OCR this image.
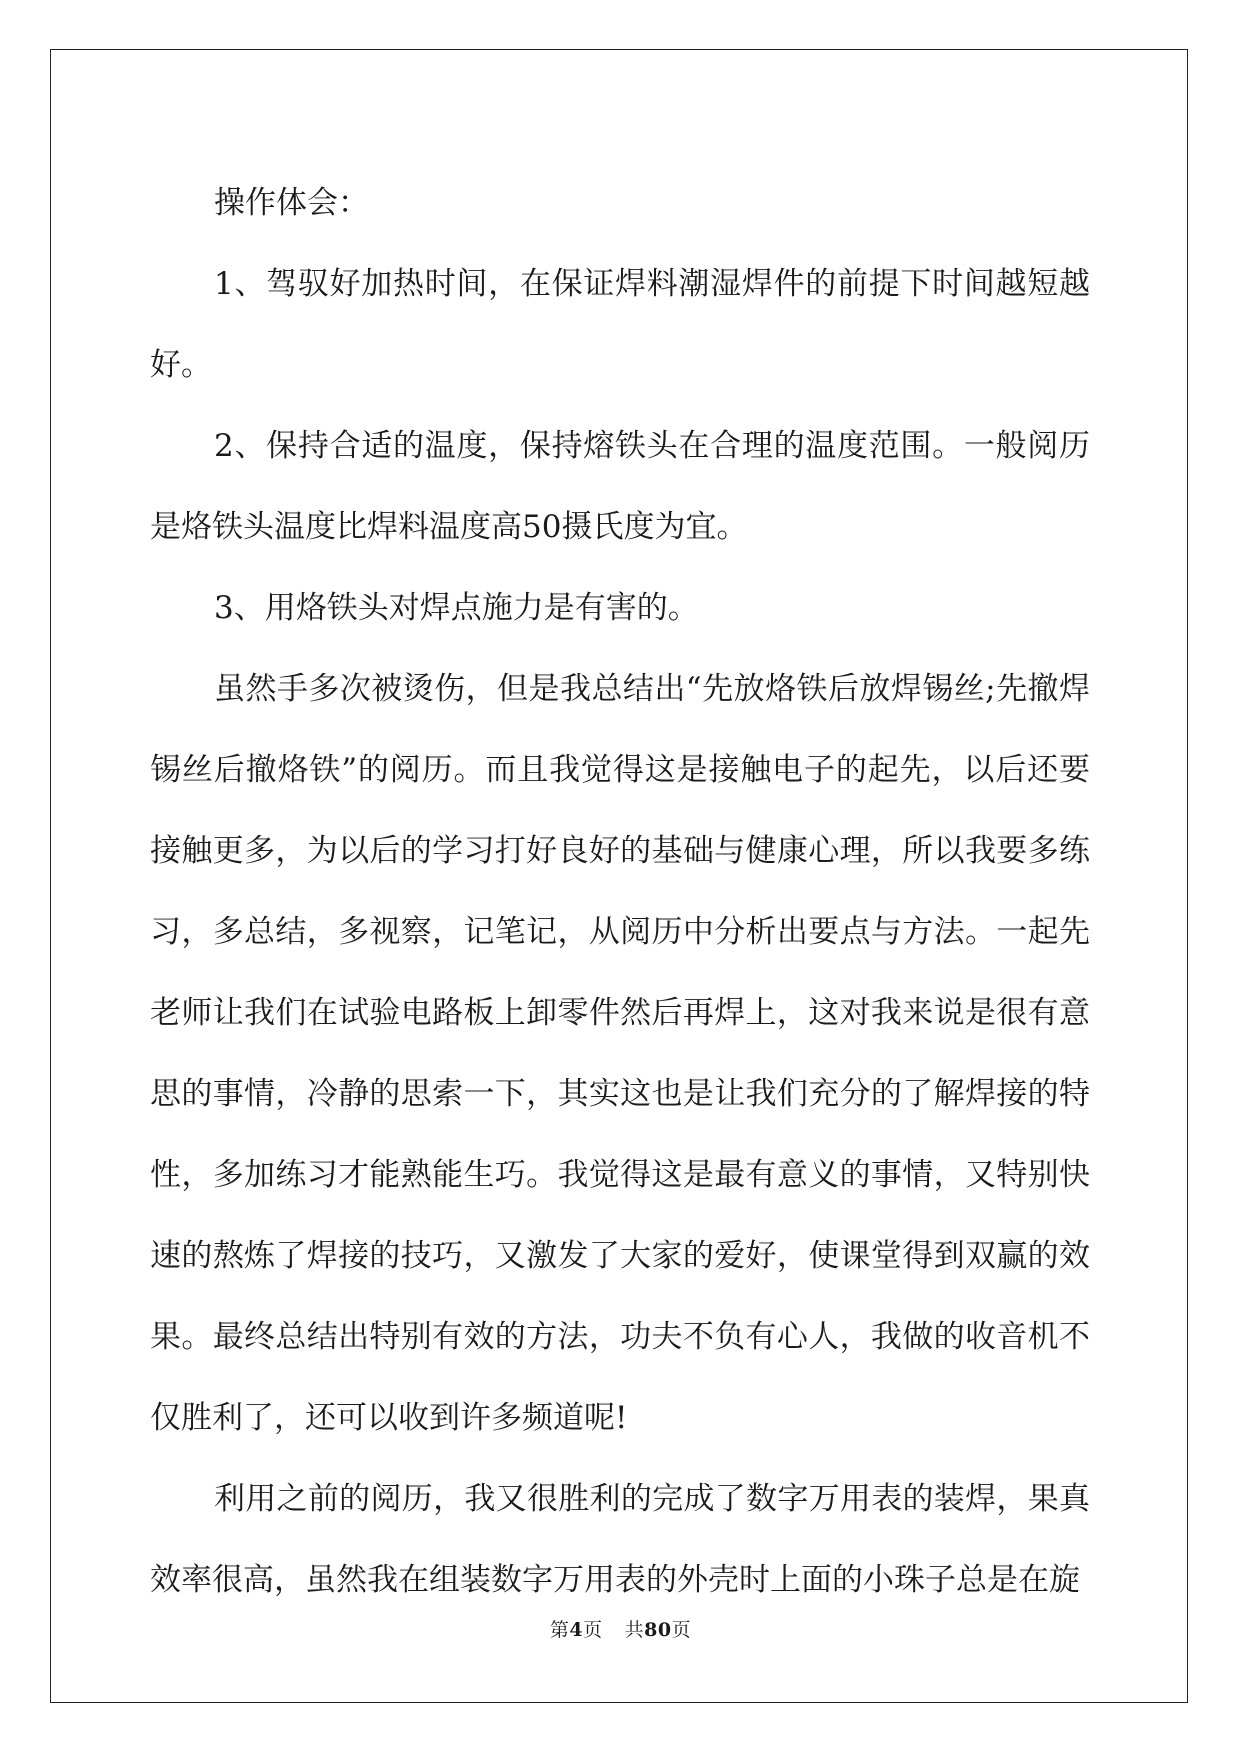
操作体会：

1、驾驭好加热时间，在保证焊料潮湿焊件的前提下时间越短越好。

2、保持合适的温度，保持熔铁头在合理的温度范围。一般阅历是烙铁头温度比焊料温度高50摄氏度为宜。

3、用烙铁头对焊点施力是有害的。

虽然手多次被烫伤，但是我总结出“先放烙铁后放焊锡丝;先撤焊锡丝后撤烙铁”的阅历。而且我觉得这是接触电子的起先，以后还要接触更多，为以后的学习打好良好的基础与健康心理，所以我要多练习，多总结，多视察，记笔记，从阅历中分析出要点与方法。一起先老师让我们在试验电路板上卸零件然后再焊上，这对我来说是很有意思的事情，冷静的思索一下，其实这也是让我们充分的了解焊接的特性，多加练习才能熟能生巧。我觉得这是最有意义的事情，又特别快速的熬炼了焊接的技巧，又激发了大家的爱好，使课堂得到双赢的效果。最终总结出特别有效的方法，功夫不负有心人，我做的收音机不仅胜利了，还可以收到许多频道呢!

利用之前的阅历，我又很胜利的完成了数字万用表的装焊，果真效率很高，虽然我在组装数字万用表的外壳时上面的小珠子总是在旋

第4页 共80页
